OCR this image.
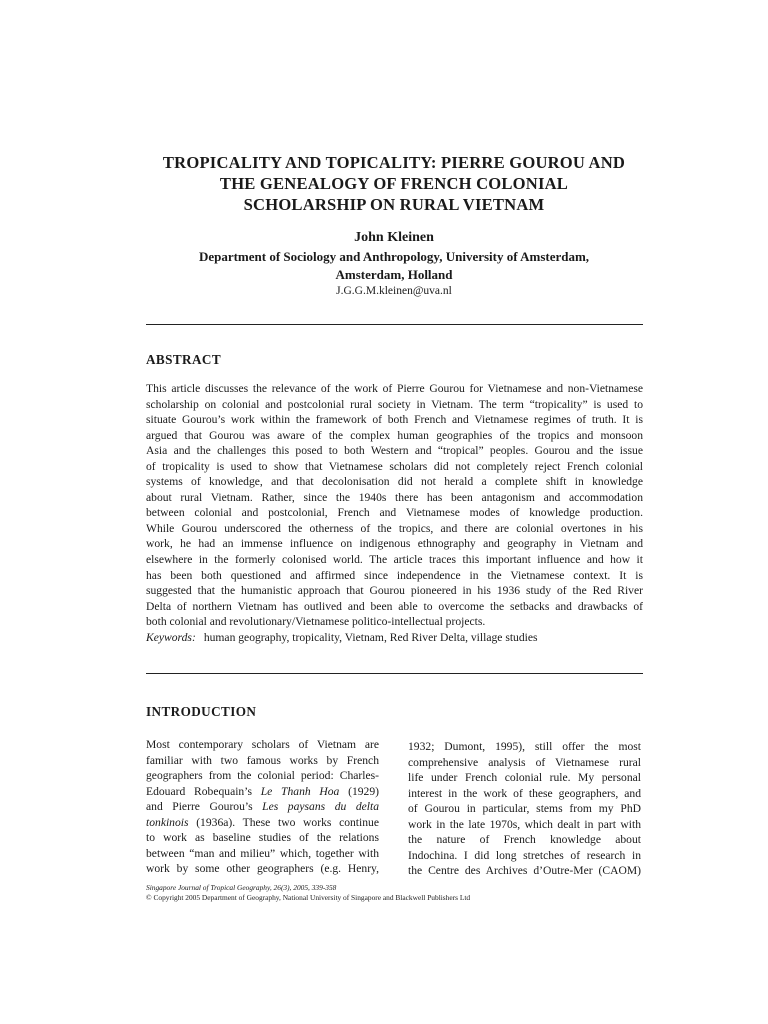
TROPICALITY AND TOPICALITY: PIERRE GOUROU AND
THE GENEALOGY OF FRENCH COLONIAL
SCHOLARSHIP ON RURAL VIETNAM
John Kleinen
Department of Sociology and Anthropology, University of Amsterdam,
Amsterdam, Holland
J.G.G.M.kleinen@uva.nl
ABSTRACT
This article discusses the relevance of the work of Pierre Gourou for Vietnamese and non-Vietnamese
scholarship on colonial and postcolonial rural society in Vietnam. The term “tropicality” is used to
situate Gourou’s work within the framework of both French and Vietnamese regimes of truth. It is
argued that Gourou was aware of the complex human geographies of the tropics and monsoon
Asia and the challenges this posed to both Western and “tropical” peoples. Gourou and the issue
of tropicality is used to show that Vietnamese scholars did not completely reject French colonial
systems of knowledge, and that decolonisation did not herald a complete shift in knowledge
about rural Vietnam. Rather, since the 1940s there has been antagonism and accommodation
between colonial and postcolonial, French and Vietnamese modes of knowledge production.
While Gourou underscored the otherness of the tropics, and there are colonial overtones in his
work, he had an immense influence on indigenous ethnography and geography in Vietnam and
elsewhere in the formerly colonised world. The article traces this important influence and how it
has been both questioned and affirmed since independence in the Vietnamese context. It is
suggested that the humanistic approach that Gourou pioneered in his 1936 study of the Red River
Delta of northern Vietnam has outlived and been able to overcome the setbacks and drawbacks of
both colonial and revolutionary/Vietnamese politico-intellectual projects.
Keywords: human geography, tropicality, Vietnam, Red River Delta, village studies
INTRODUCTION
Most contemporary scholars of Vietnam are
familiar with two famous works by French
geographers from the colonial period: Charles-
Edouard Robequain’s Le Thanh Hoa (1929)
and Pierre Gourou’s Les paysans du delta
tonkinois (1936a). These two works continue
to work as baseline studies of the relations
between “man and milieu” which, together with
work by some other geographers (e.g. Henry,
1932; Dumont, 1995), still offer the most
comprehensive analysis of Vietnamese rural
life under French colonial rule. My personal
interest in the work of these geographers, and
of Gourou in particular, stems from my PhD
work in the late 1970s, which dealt in part with
the nature of French knowledge about
Indochina. I did long stretches of research in
the Centre des Archives d’Outre-Mer (CAOM)
Singapore Journal of Tropical Geography, 26(3), 2005, 339-358
© Copyright 2005 Department of Geography, National University of Singapore and Blackwell Publishers Ltd
